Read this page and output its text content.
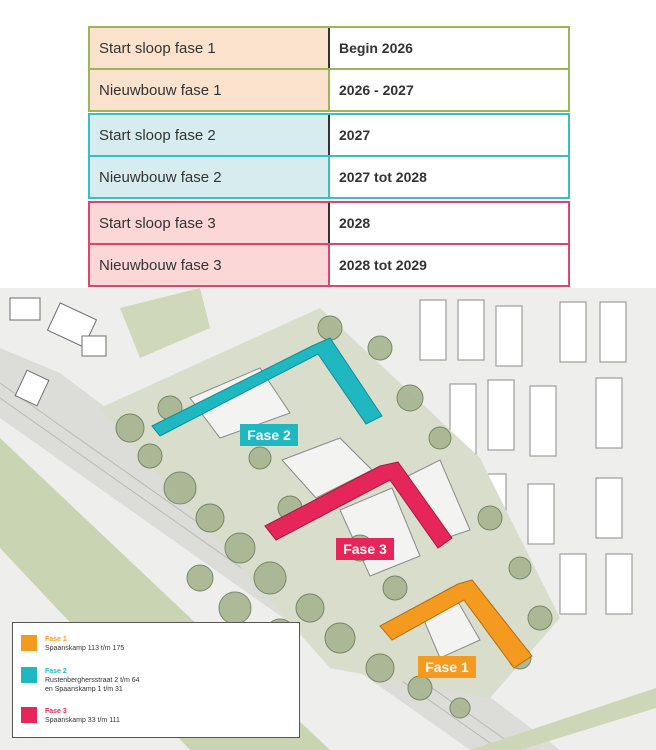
Start sloop fase 1	Begin 2026
Nieuwbouw fase 1	2026 - 2027
Start sloop fase 2	2027
Nieuwbouw fase 2	2027 tot 2028
Start sloop fase 3	2028
Nieuwbouw fase 3	2028 tot 2029
Fase 2
Fase 3
Fase 1
Fase 1
Spaanskamp 113 t/m 175
Fase 2
Rustenberghersstraat 2 t/m 64
en Spaanskamp 1 t/m 31
Fase 3
Spaanskamp 33 t/m 111
